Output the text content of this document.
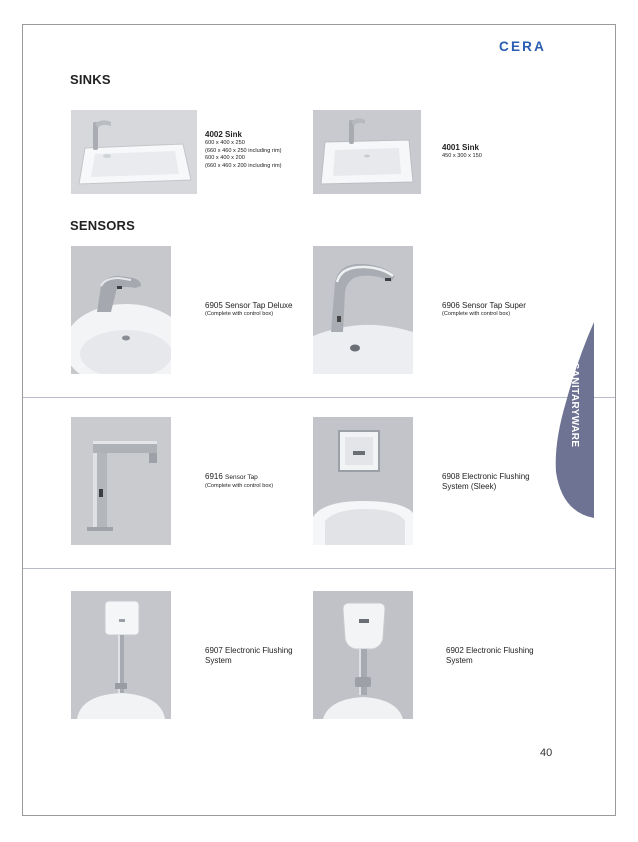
CERA
SINKS
SENSORS
4002 Sink
600 x 400 x 250
(660 x 460 x 250 including rim)
600 x 400 x 200
(660 x 460 x 200 including rim)
4001 Sink
450 x 300 x 150
6905 Sensor Tap Deluxe
(Complete with control box)
6906 Sensor Tap Super
(Complete with control box)
6916 Sensor Tap
(Complete with control box)
6908 Electronic Flushing
System (Sleek)
6907 Electronic Flushing
System
6902 Electronic Flushing
System
SANITARYWARE
40
